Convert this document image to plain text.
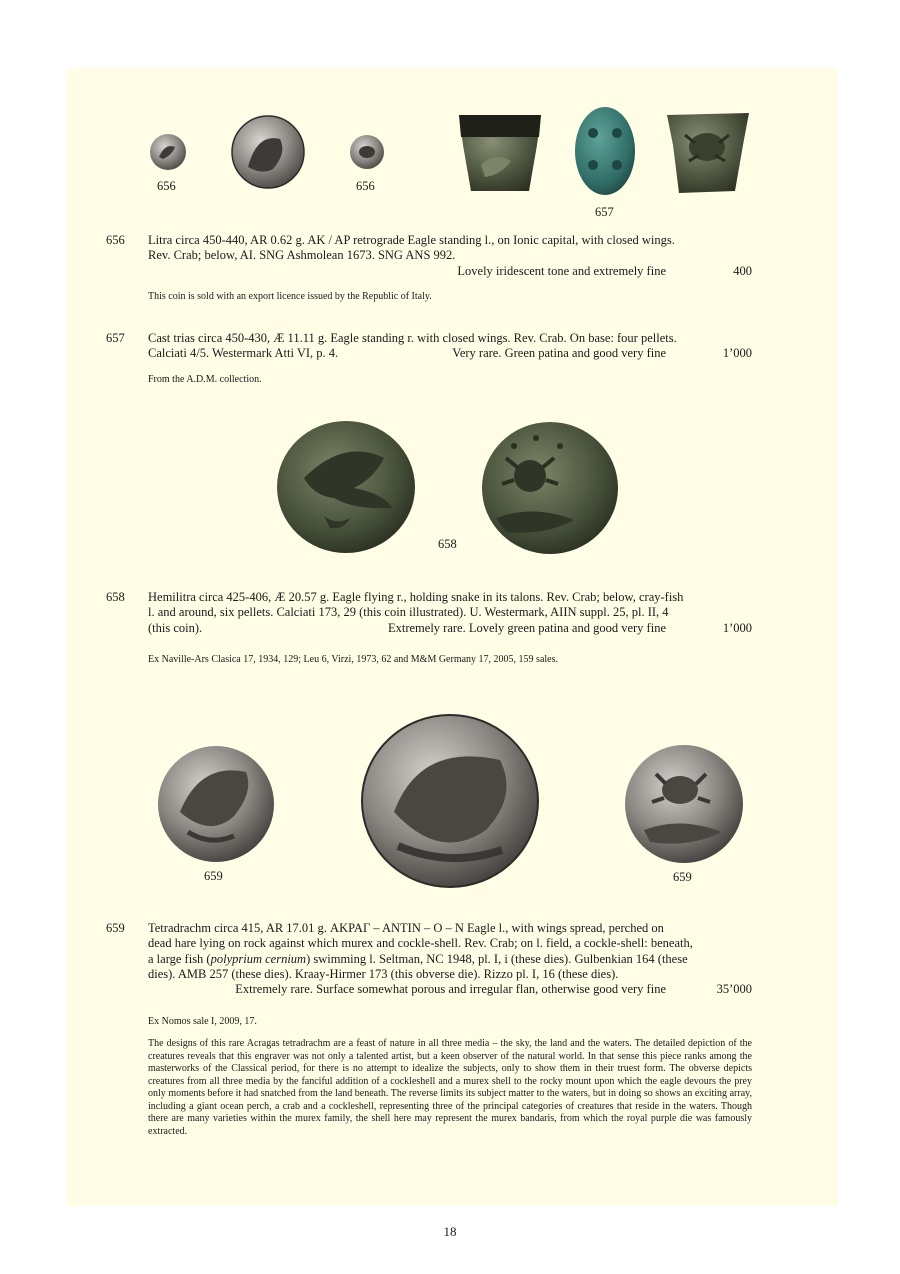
656	656
657
656 Litra circa 450-440, AR 0.62 g. AK / AP retrograde Eagle standing l., on Ionic capital, with closed wings.
Rev. Crab; below, AI. SNG Ashmolean 1673. SNG ANS 992.
Lovely iridescent tone and extremely fine	400
This coin is sold with an export licence issued by the Republic of Italy.
657 Cast trias circa 450-430, Æ 11.11 g. Eagle standing r. with closed wings. Rev. Crab. On base: four pellets.
Calciati 4/5. Westermark Atti VI, p. 4.	Very rare. Green patina and good very fine	1’000
From the A.D.M. collection.
658
658 Hemilitra circa 425-406, Æ 20.57 g. Eagle flying r., holding snake in its talons. Rev. Crab; below, cray-fish
l. and around, six pellets. Calciati 173, 29 (this coin illustrated). U. Westermark, AIIN suppl. 25, pl. II, 4
(this coin).	Extremely rare. Lovely green patina and good very fine	1’000
Ex Naville-Ars Clasica 17, 1934, 129; Leu 6, Virzi, 1973, 62 and M&M Germany 17, 2005, 159 sales.
659	659
659 Tetradrachm circa 415, AR 17.01 g. ΑΚΡΑΓ – ΑΝΤΙΝ – Ο – Ν Eagle l., with wings spread, perched on
dead hare lying on rock against which murex and cockle-shell. Rev. Crab; on l. field, a cockle-shell: beneath,
a large fish (polyprium cernium) swimming l. Seltman, NC 1948, pl. I, i (these dies). Gulbenkian 164 (these
dies). AMB 257 (these dies). Kraay-Hirmer 173 (this obverse die). Rizzo pl. I, 16 (these dies).
Extremely rare. Surface somewhat porous and irregular flan, otherwise good very fine	35’000
Ex Nomos sale I, 2009, 17.
The designs of this rare Acragas tetradrachm are a feast of nature in all three media – the sky, the land and the waters. The detailed depiction of the creatures reveals that this engraver was not only a talented artist, but a keen observer of the natural world. In that sense this piece ranks among the masterworks of the Classical period, for there is no attempt to idealize the subjects, only to show them in their truest form. The obverse depicts creatures from all three media by the fanciful addition of a cockleshell and a murex shell to the rocky mount upon which the eagle devours the prey only moments before it had snatched from the land beneath. The reverse limits its subject matter to the waters, but in doing so shows an exciting array, including a giant ocean perch, a crab and a cockleshell, representing three of the principal categories of creatures that reside in the waters. Though there are many varieties within the murex family, the shell here may represent the murex bandaris, from which the royal purple die was famously extracted.
18
